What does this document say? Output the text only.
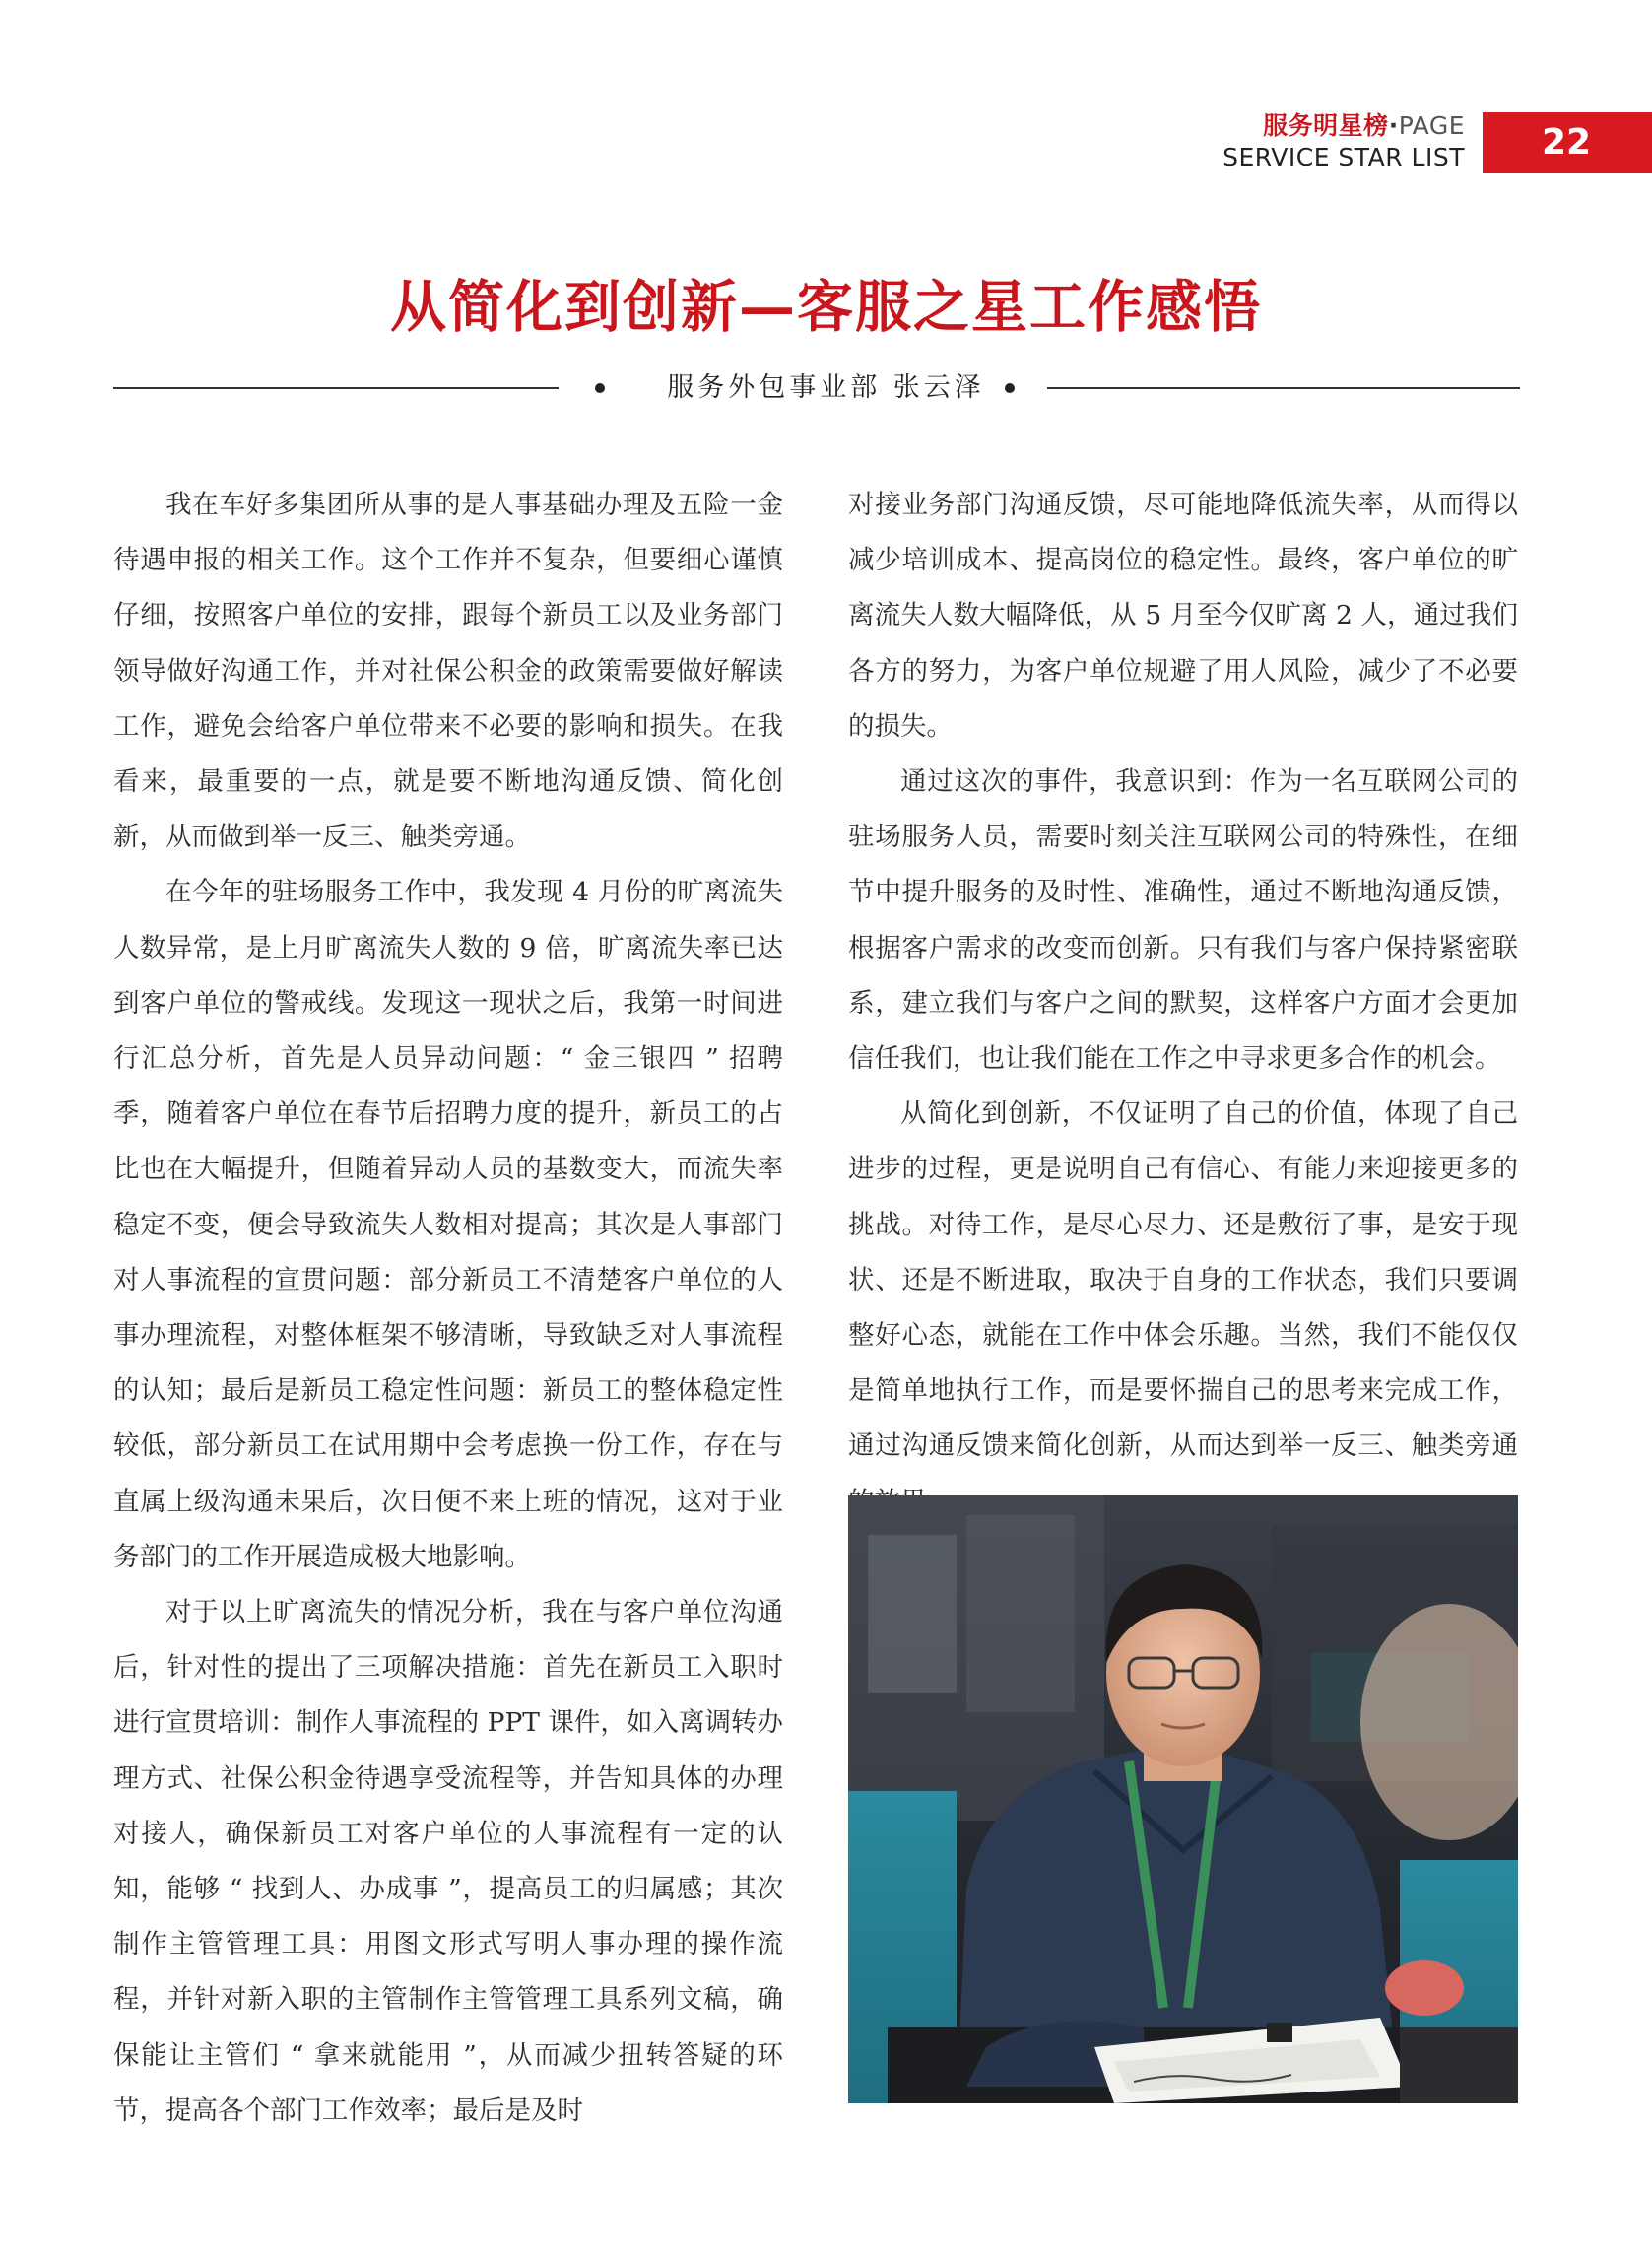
服务明星榜·PAGE
SERVICE STAR LIST	22
从简化到创新—客服之星工作感悟
服务外包事业部 张云泽

我在车好多集团所从事的是人事基础办理及五险一金待遇申报的相关工作。这个工作并不复杂，但要细心谨慎仔细，按照客户单位的安排，跟每个新员工以及业务部门领导做好沟通工作，并对社保公积金的政策需要做好解读工作，避免会给客户单位带来不必要的影响和损失。在我看来，最重要的一点，就是要不断地沟通反馈、简化创新，从而做到举一反三、触类旁通。

在今年的驻场服务工作中，我发现 4 月份的旷离流失人数异常，是上月旷离流失人数的 9 倍，旷离流失率已达到客户单位的警戒线。发现这一现状之后，我第一时间进行汇总分析，首先是人员异动问题：“ 金三银四 ” 招聘季，随着客户单位在春节后招聘力度的提升，新员工的占比也在大幅提升，但随着异动人员的基数变大，而流失率稳定不变，便会导致流失人数相对提高；其次是人事部门对人事流程的宣贯问题：部分新员工不清楚客户单位的人事办理流程，对整体框架不够清晰，导致缺乏对人事流程的认知；最后是新员工稳定性问题：新员工的整体稳定性较低，部分新员工在试用期中会考虑换一份工作，存在与直属上级沟通未果后，次日便不来上班的情况，这对于业务部门的工作开展造成极大地影响。

对于以上旷离流失的情况分析，我在与客户单位沟通后，针对性的提出了三项解决措施：首先在新员工入职时进行宣贯培训：制作人事流程的 PPT 课件，如入离调转办理方式、社保公积金待遇享受流程等，并告知具体的办理对接人，确保新员工对客户单位的人事流程有一定的认知，能够 “ 找到人、办成事 ”，提高员工的归属感；其次制作主管管理工具：用图文形式写明人事办理的操作流程，并针对新入职的主管制作主管管理工具系列文稿，确保能让主管们 “ 拿来就能用 ”，从而减少扭转答疑的环节，提高各个部门工作效率；最后是及时

对接业务部门沟通反馈，尽可能地降低流失率，从而得以减少培训成本、提高岗位的稳定性。最终，客户单位的旷离流失人数大幅降低，从 5 月至今仅旷离 2 人，通过我们各方的努力，为客户单位规避了用人风险，减少了不必要的损失。

通过这次的事件，我意识到：作为一名互联网公司的驻场服务人员，需要时刻关注互联网公司的特殊性，在细节中提升服务的及时性、准确性，通过不断地沟通反馈，根据客户需求的改变而创新。只有我们与客户保持紧密联系，建立我们与客户之间的默契，这样客户方面才会更加信任我们，也让我们能在工作之中寻求更多合作的机会。

从简化到创新，不仅证明了自己的价值，体现了自己进步的过程，更是说明自己有信心、有能力来迎接更多的挑战。对待工作，是尽心尽力、还是敷衍了事，是安于现状、还是不断进取，取决于自身的工作状态，我们只要调整好心态，就能在工作中体会乐趣。当然，我们不能仅仅是简单地执行工作，而是要怀揣自己的思考来完成工作，通过沟通反馈来简化创新，从而达到举一反三、触类旁通
